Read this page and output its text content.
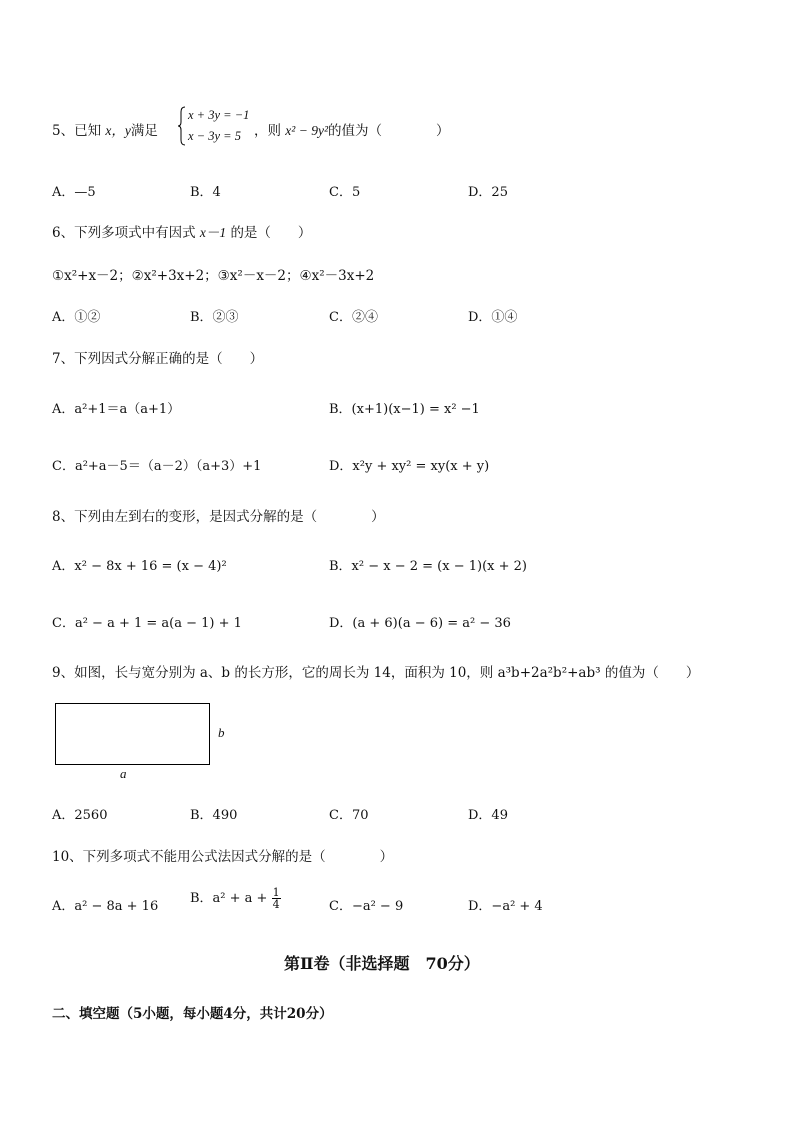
5、已知 x，y满足
x + 3y = −1
x − 3y = 5 ，则 x² − 9y²的值为（　　　　）
A．—5	B．4	C．5	D．25
6、下列多项式中有因式 x－1 的是（　　）
①x²+x－2；②x²+3x+2；③x²－x－2；④x²－3x+2
A．①②	B．②③	C．②④	D．①④
7、下列因式分解正确的是（　　）
A．a²+1＝a（a+1）	B．(x+1)(x−1) = x² −1
C．a²+a－5＝（a－2）（a+3）+1	D．x²y + xy² = xy(x + y)
8、下列由左到右的变形，是因式分解的是（　　　　）
A．x² − 8x + 16 = (x − 4)²	B．x² − x − 2 = (x − 1)(x + 2)
C．a² − a + 1 = a(a − 1) + 1	D．(a + 6)(a − 6) = a² − 36
9、如图，长与宽分别为 a、b 的长方形，它的周长为 14，面积为 10，则 a³b+2a²b²+ab³ 的值为（　　）
b
a
A．2560	B．490	C．70	D．49
10、下列多项式不能用公式法因式分解的是（　　　　）
A．a² − 8a + 16
B．$a^2 + a + \frac{1}{4}$	C．−a² − 9	D．−a² + 4
第Ⅱ卷（非选择题　70分）
二、填空题（5小题，每小题4分，共计20分）
